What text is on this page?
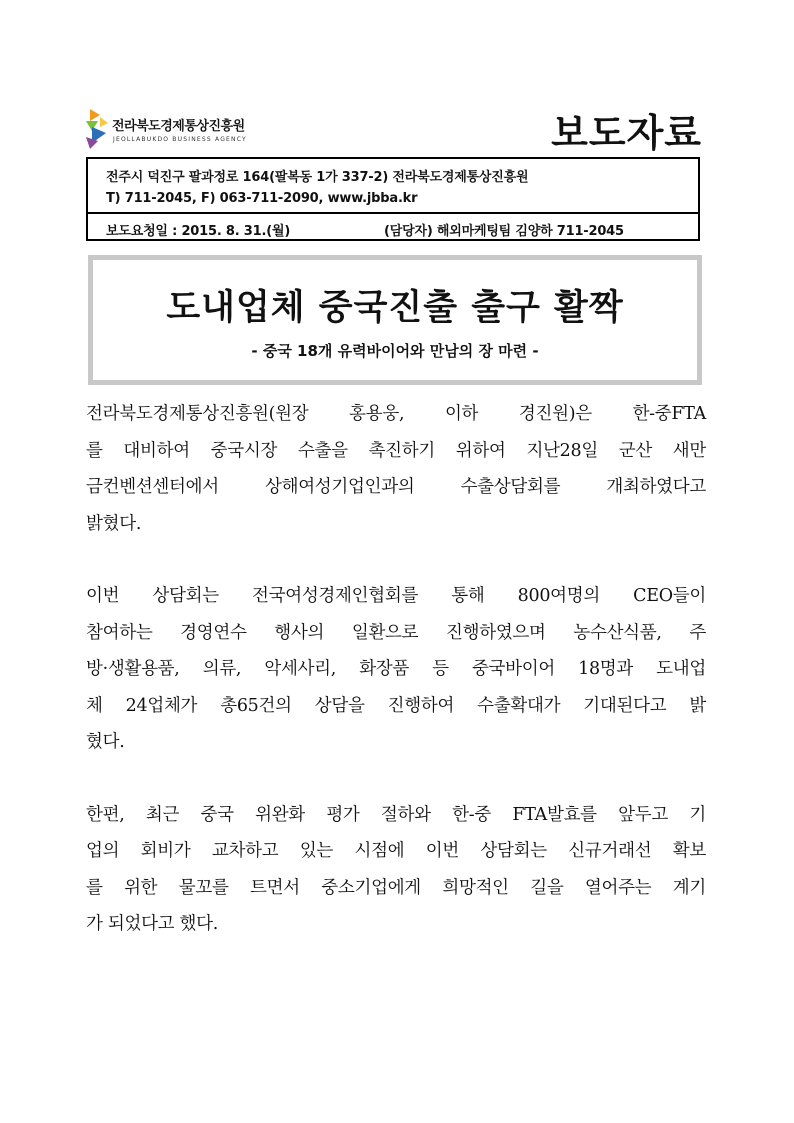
전라북도경제통상진흥원
JEOLLABUKDO BUSINESS AGENCY	보도자료
전주시 덕진구 팔과정로 164(팔복동 1가 337-2) 전라북도경제통상진흥원
T) 711-2045, F) 063-711-2090, www.jbba.kr
보도요청일 : 2015. 8. 31.(월)	(담당자) 해외마케팅팀 김양하 711-2045
도내업체 중국진출 출구 활짝
- 중국 18개 유력바이어와 만남의 장 마련 -
전라북도경제통상진흥원(원장 홍용웅, 이하 경진원)은 한-중FTA
를 대비하여 중국시장 수출을 촉진하기 위하여 지난28일 군산 새만
금컨벤션센터에서 상해여성기업인과의 수출상담회를 개최하였다고
밝혔다.
이번 상담회는 전국여성경제인협회를 통해 800여명의 CEO들이
참여하는 경영연수 행사의 일환으로 진행하였으며 농수산식품, 주
방·생활용품, 의류, 악세사리, 화장품 등 중국바이어 18명과 도내업
체 24업체가 총65건의 상담을 진행하여 수출확대가 기대된다고 밝
혔다.
한편, 최근 중국 위완화 평가 절하와 한-중 FTA발효를 앞두고 기
업의 회비가 교차하고 있는 시점에 이번 상담회는 신규거래선 확보
를 위한 물꼬를 트면서 중소기업에게 희망적인 길을 열어주는 계기
가 되었다고 했다.
